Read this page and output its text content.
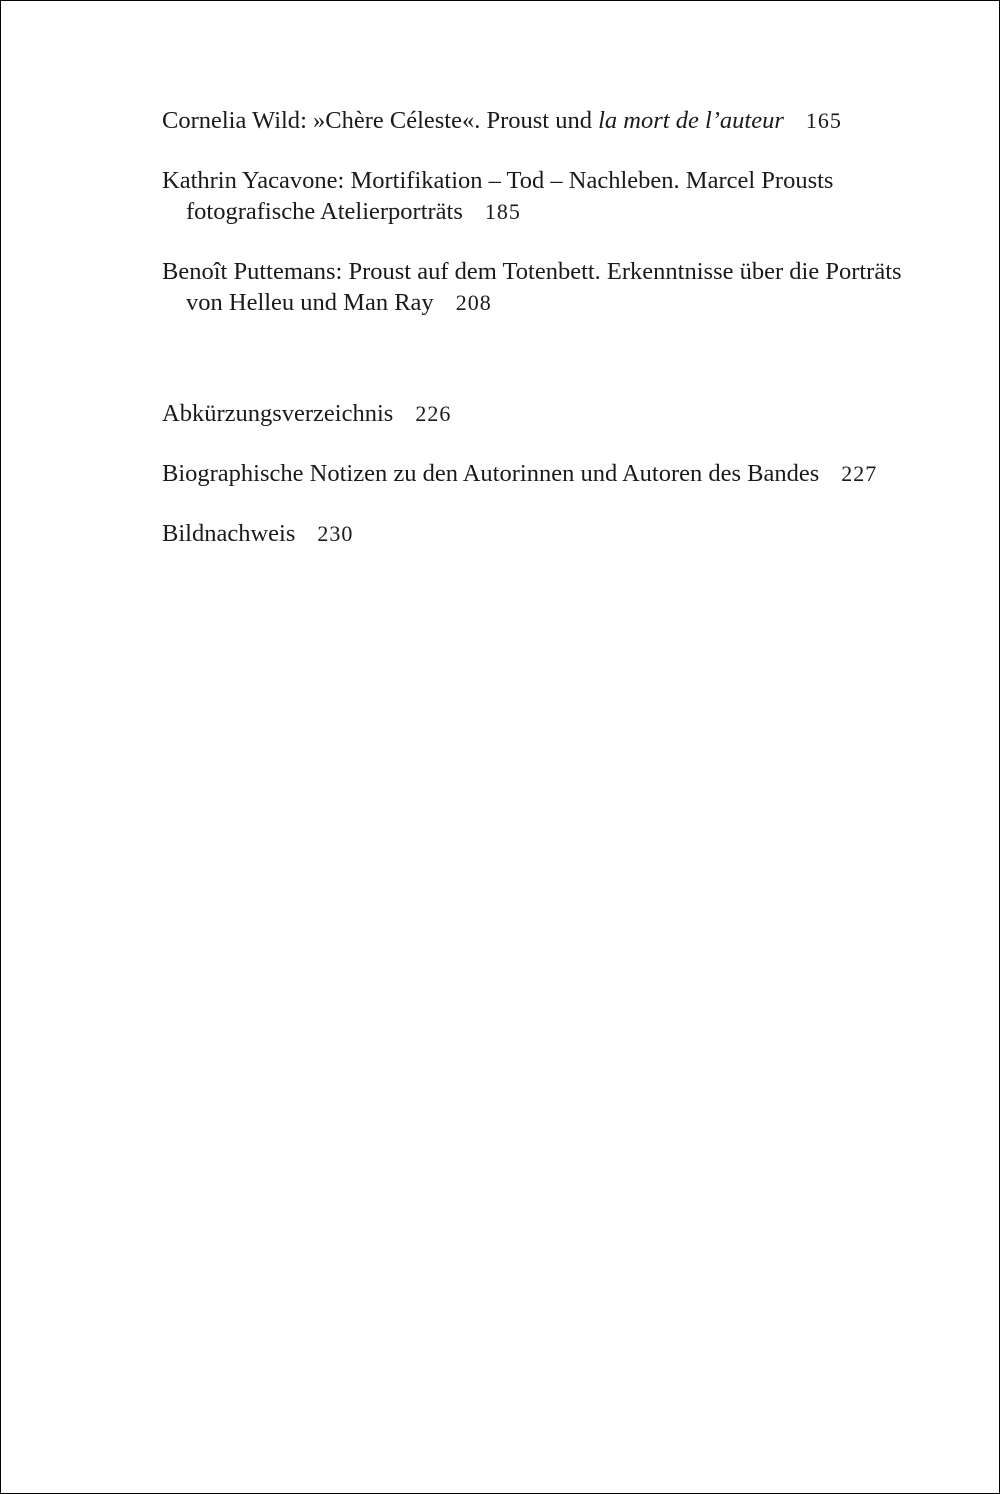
Cornelia Wild: »Chère Céleste«. Proust und la mort de l’auteur 165

Kathrin Yacavone: Mortifikation – Tod – Nachleben. Marcel Prousts fotografische Atelierporträts 185

Benoît Puttemans: Proust auf dem Totenbett. Erkenntnisse über die Porträts von Helleu und Man Ray 208

Abkürzungsverzeichnis 226

Biographische Notizen zu den Autorinnen und Autoren des Bandes 227

Bildnachweis 230
